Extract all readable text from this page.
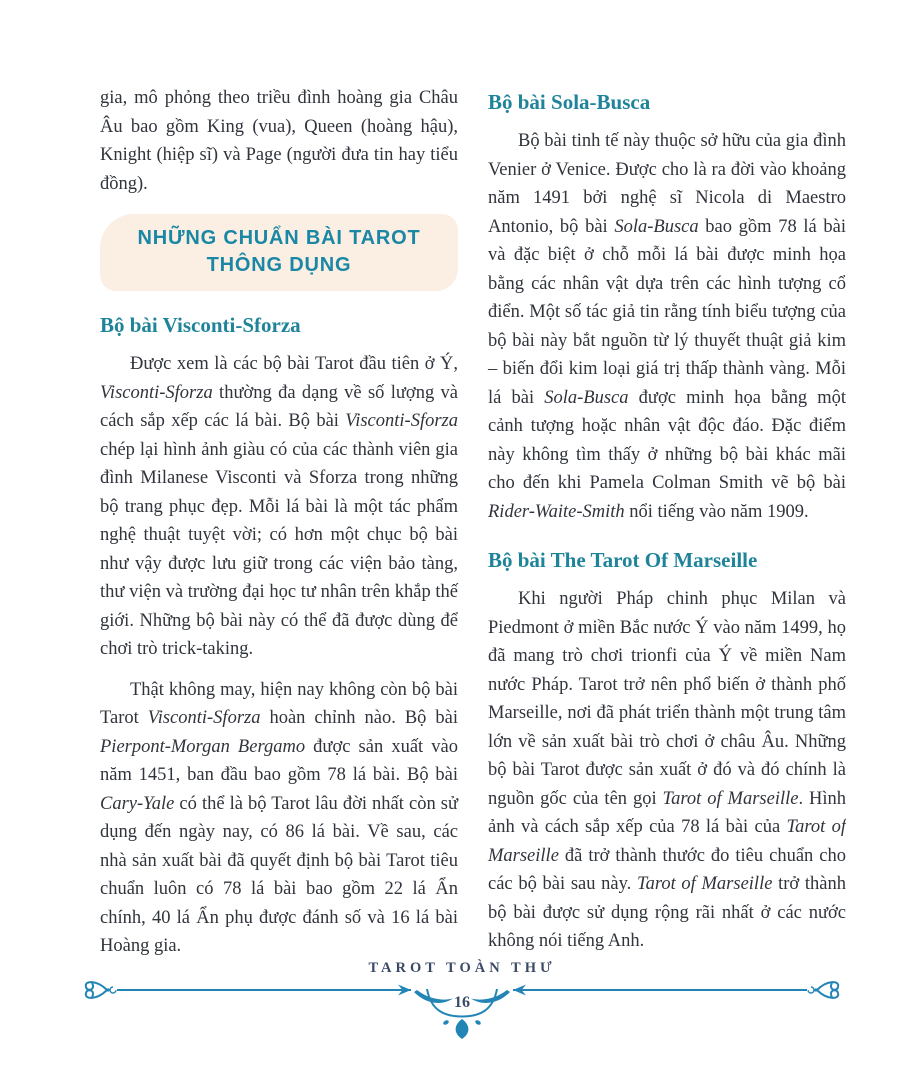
gia, mô phỏng theo triều đình hoàng gia Châu Âu bao gồm King (vua), Queen (hoàng hậu), Knight (hiệp sĩ) và Page (người đưa tin hay tiểu đồng).

NHỮNG CHUẨN BÀI TAROT
THÔNG DỤNG
Bộ bài Visconti-Sforza

Được xem là các bộ bài Tarot đầu tiên ở Ý, Visconti-Sforza thường đa dạng về số lượng và cách sắp xếp các lá bài. Bộ bài Visconti-Sforza chép lại hình ảnh giàu có của các thành viên gia đình Milanese Visconti và Sforza trong những bộ trang phục đẹp. Mỗi lá bài là một tác phẩm nghệ thuật tuyệt vời; có hơn một chục bộ bài như vậy được lưu giữ trong các viện bảo tàng, thư viện và trường đại học tư nhân trên khắp thế giới. Những bộ bài này có thể đã được dùng để chơi trò trick-taking.

Thật không may, hiện nay không còn bộ bài Tarot Visconti-Sforza hoàn chỉnh nào. Bộ bài Pierpont-Morgan Bergamo được sản xuất vào năm 1451, ban đầu bao gồm 78 lá bài. Bộ bài Cary-Yale có thể là bộ Tarot lâu đời nhất còn sử dụng đến ngày nay, có 86 lá bài. Về sau, các nhà sản xuất bài đã quyết định bộ bài Tarot tiêu chuẩn luôn có 78 lá bài bao gồm 22 lá Ẩn chính, 40 lá Ẩn phụ được đánh số và 16 lá bài Hoàng gia.

Bộ bài Sola-Busca

Bộ bài tinh tế này thuộc sở hữu của gia đình Venier ở Venice. Được cho là ra đời vào khoảng năm 1491 bởi nghệ sĩ Nicola di Maestro Antonio, bộ bài Sola-Busca bao gồm 78 lá bài và đặc biệt ở chỗ mỗi lá bài được minh họa bằng các nhân vật dựa trên các hình tượng cổ điển. Một số tác giả tin rằng tính biểu tượng của bộ bài này bắt nguồn từ lý thuyết thuật giả kim – biến đổi kim loại giá trị thấp thành vàng. Mỗi lá bài Sola-Busca được minh họa bằng một cảnh tượng hoặc nhân vật độc đáo. Đặc điểm này không tìm thấy ở những bộ bài khác mãi cho đến khi Pamela Colman Smith vẽ bộ bài Rider-Waite-Smith nổi tiếng vào năm 1909.

Bộ bài The Tarot Of Marseille

Khi người Pháp chinh phục Milan và Piedmont ở miền Bắc nước Ý vào năm 1499, họ đã mang trò chơi trionfi của Ý về miền Nam nước Pháp. Tarot trở nên phổ biến ở thành phố Marseille, nơi đã phát triển thành một trung tâm lớn về sản xuất bài trò chơi ở châu Âu. Những bộ bài Tarot được sản xuất ở đó và đó chính là nguồn gốc của tên gọi Tarot of Marseille. Hình ảnh và cách sắp xếp của 78 lá bài của Tarot of Marseille đã trở thành thước đo tiêu chuẩn cho các bộ bài sau này. Tarot of Marseille trở thành bộ bài được sử dụng rộng rãi nhất ở các nước không nói tiếng Anh.

TAROT TOÀN THƯ
16
